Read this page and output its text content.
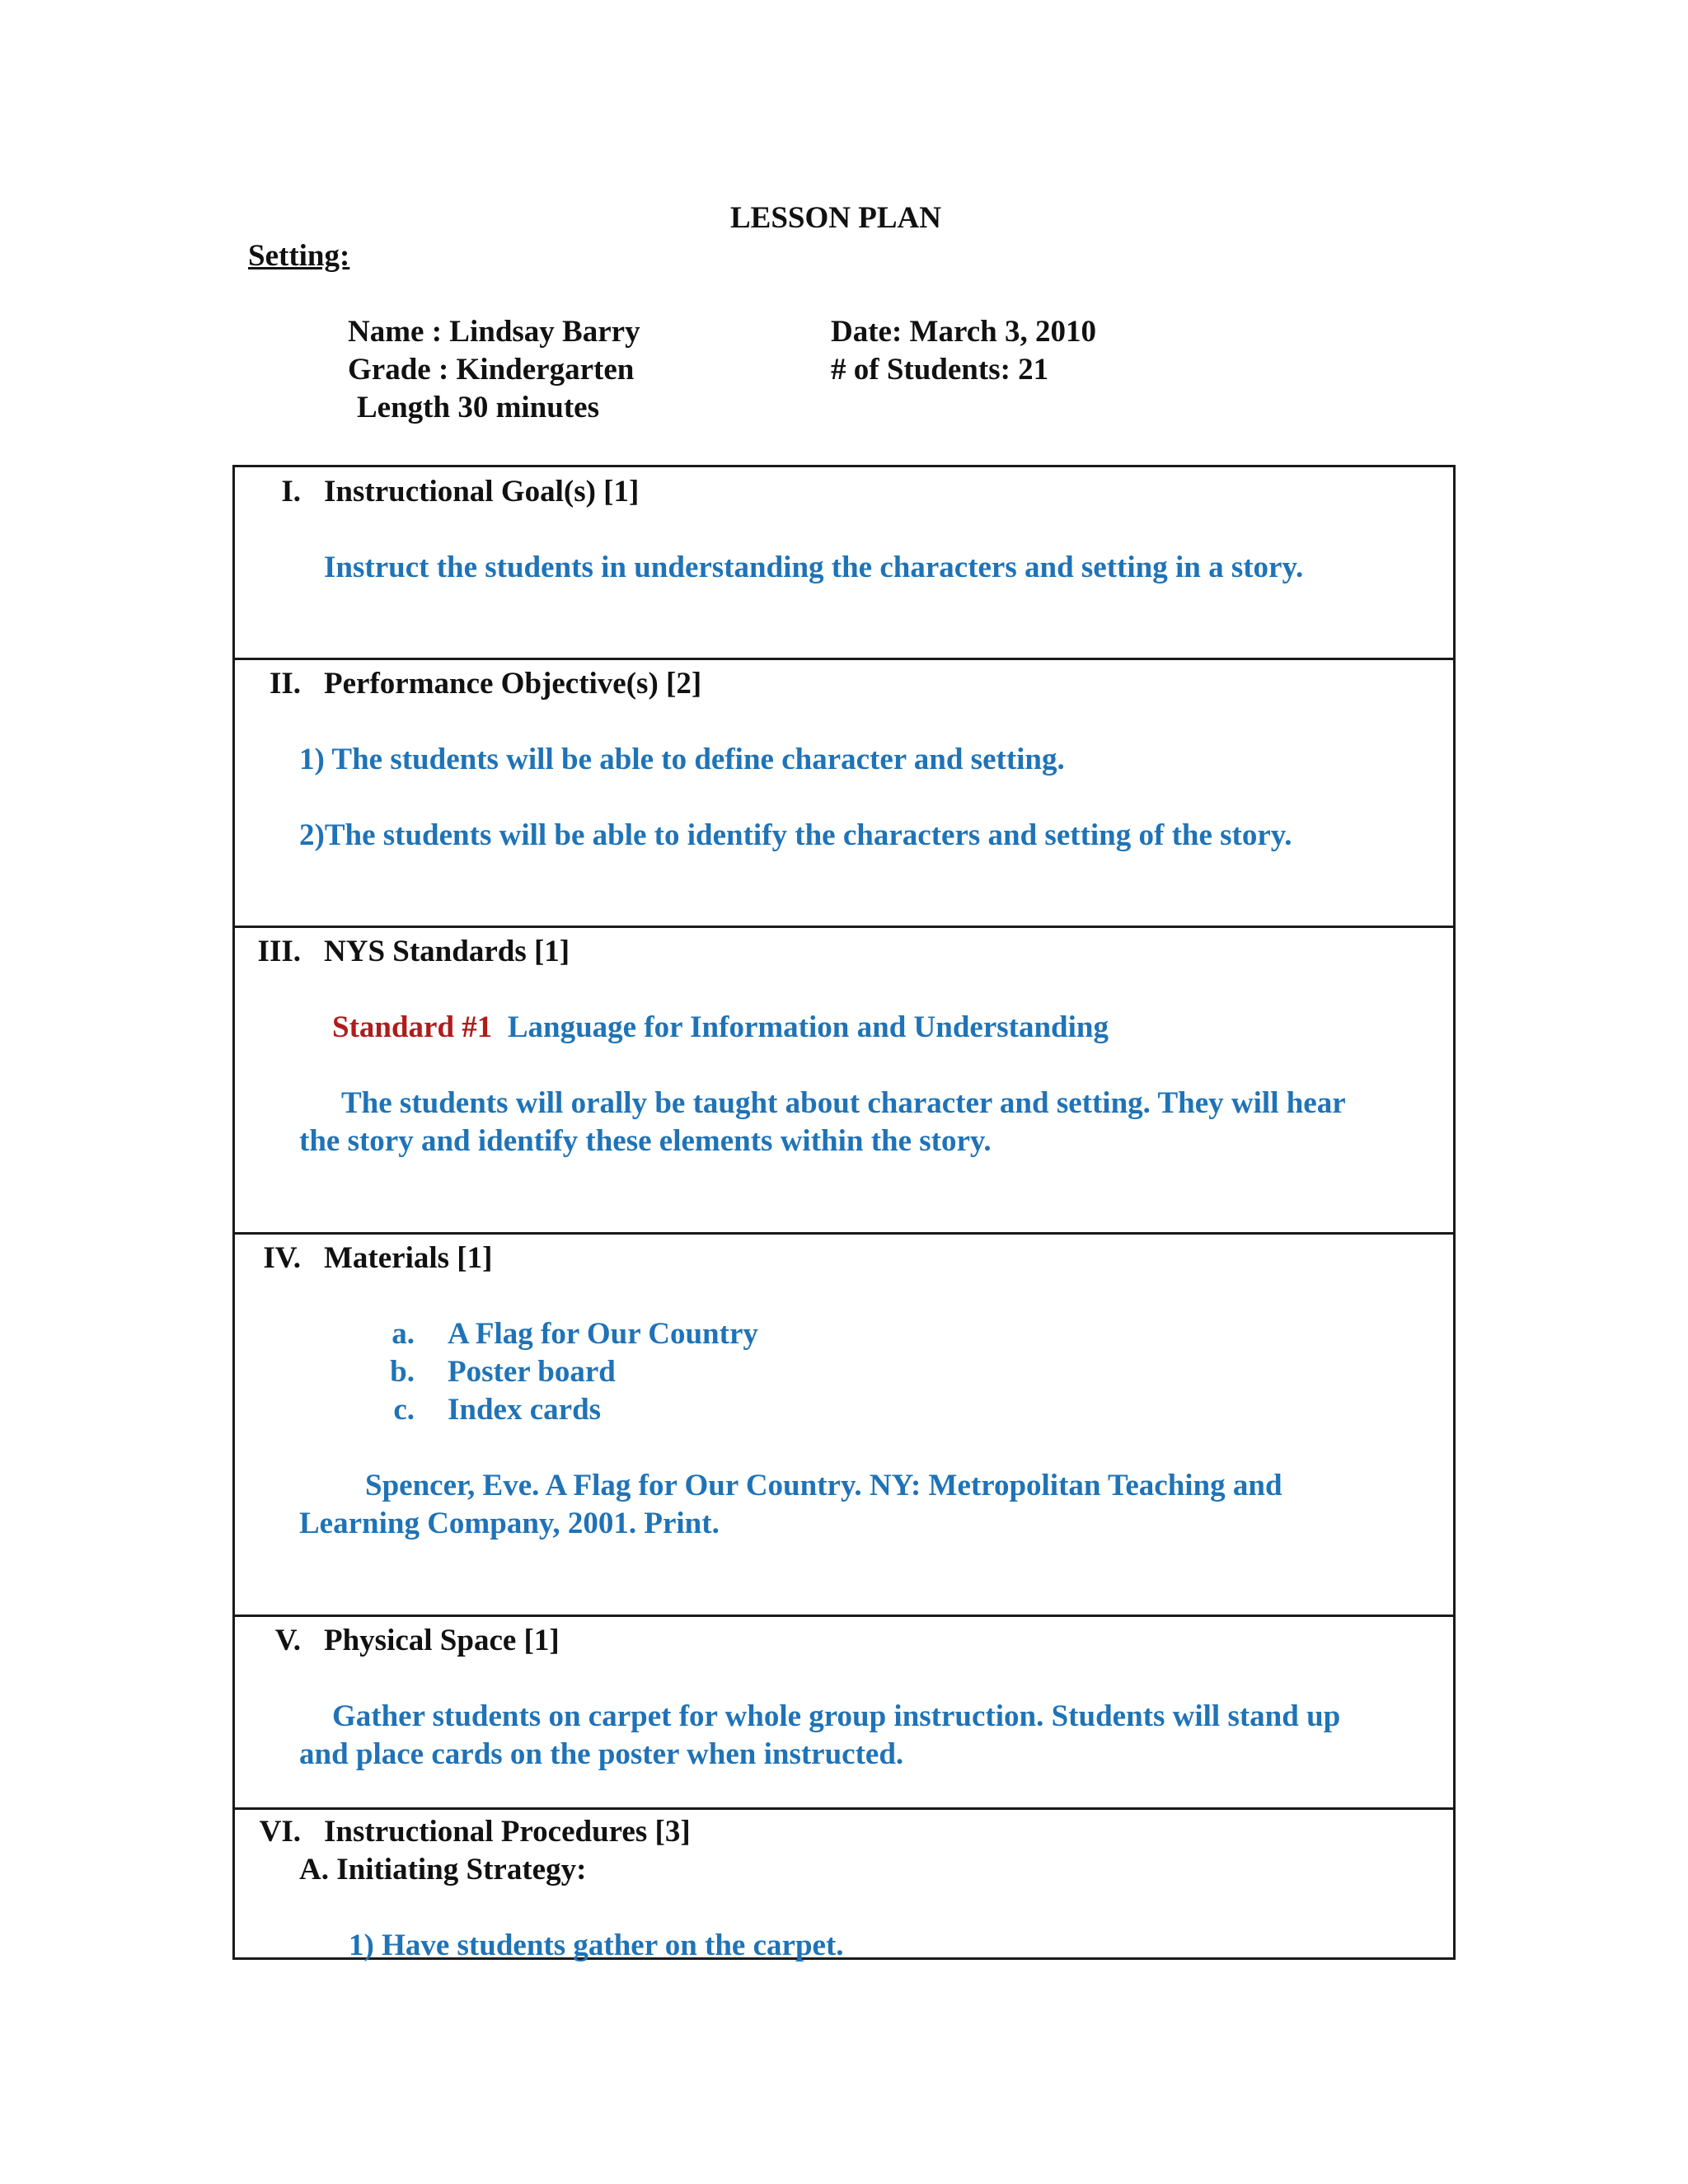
LESSON PLAN
Setting:
Name : Lindsay Barry
Grade : Kindergarten
Length 30 minutes
Date: March 3, 2010
# of Students: 21
I. Instructional Goal(s) [1]
Instruct the students in understanding the characters and setting in a story.
II. Performance Objective(s) [2]
1) The students will be able to define character and setting.
2)The students will be able to identify the characters and setting of the story.
III. NYS Standards [1]
Standard #1 Language for Information and Understanding
The students will orally be taught about character and setting. They will hear
the story and identify these elements within the story.
IV. Materials [1]
a. A Flag for Our Country
b. Poster board
c. Index cards
Spencer, Eve. A Flag for Our Country. NY: Metropolitan Teaching and
Learning Company, 2001. Print.
V. Physical Space [1]
Gather students on carpet for whole group instruction. Students will stand up
and place cards on the poster when instructed.
VI. Instructional Procedures [3]
A. Initiating Strategy:
1) Have students gather on the carpet.
